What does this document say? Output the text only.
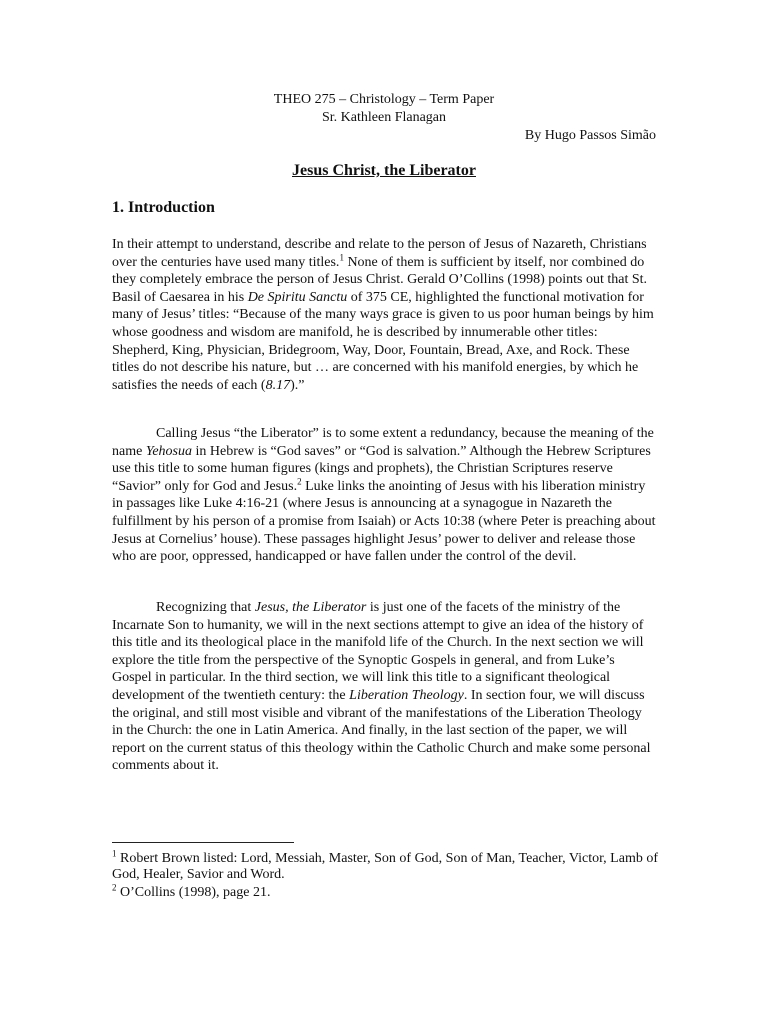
THEO 275 – Christology – Term Paper
Sr. Kathleen Flanagan
By Hugo Passos Simão
Jesus Christ, the Liberator
1. Introduction

In their attempt to understand, describe and relate to the person of Jesus of Nazareth, Christians over the centuries have used many titles.$^1$ None of them is sufficient by itself, nor combined do they completely embrace the person of Jesus Christ. Gerald O’Collins (1998) points out that St. Basil of Caesarea in his De Spiritu Sanctu of 375 CE, highlighted the functional motivation for many of Jesus’ titles: “Because of the many ways grace is given to us poor human beings by him whose goodness and wisdom are manifold, he is described by innumerable other titles: Shepherd, King, Physician, Bridegroom, Way, Door, Fountain, Bread, Axe, and Rock. These titles do not describe his nature, but … are concerned with his manifold energies, by which he satisfies the needs of each (8.17).”

Calling Jesus “the Liberator” is to some extent a redundancy, because the meaning of the name Yehosua in Hebrew is “God saves” or “God is salvation.” Although the Hebrew Scriptures use this title to some human figures (kings and prophets), the Christian Scriptures reserve “Savior” only for God and Jesus.$^2$ Luke links the anointing of Jesus with his liberation ministry in passages like Luke 4:16-21 (where Jesus is announcing at a synagogue in Nazareth the fulfillment by his person of a promise from Isaiah) or Acts 10:38 (where Peter is preaching about Jesus at Cornelius’ house). These passages highlight Jesus’ power to deliver and release those who are poor, oppressed, handicapped or have fallen under the control of the devil.

Recognizing that Jesus, the Liberator is just one of the facets of the ministry of the Incarnate Son to humanity, we will in the next sections attempt to give an idea of the history of this title and its theological place in the manifold life of the Church. In the next section we will explore the title from the perspective of the Synoptic Gospels in general, and from Luke’s Gospel in particular. In the third section, we will link this title to a significant theological development of the twentieth century: the Liberation Theology. In section four, we will discuss the original, and still most visible and vibrant of the manifestations of the Liberation Theology in the Church: the one in Latin America. And finally, in the last section of the paper, we will report on the current status of this theology within the Catholic Church and make some personal comments about it.

$^1$ Robert Brown listed: Lord, Messiah, Master, Son of God, Son of Man, Teacher, Victor, Lamb of God, Healer, Savior and Word.
$^2$ O’Collins (1998), page 21.
